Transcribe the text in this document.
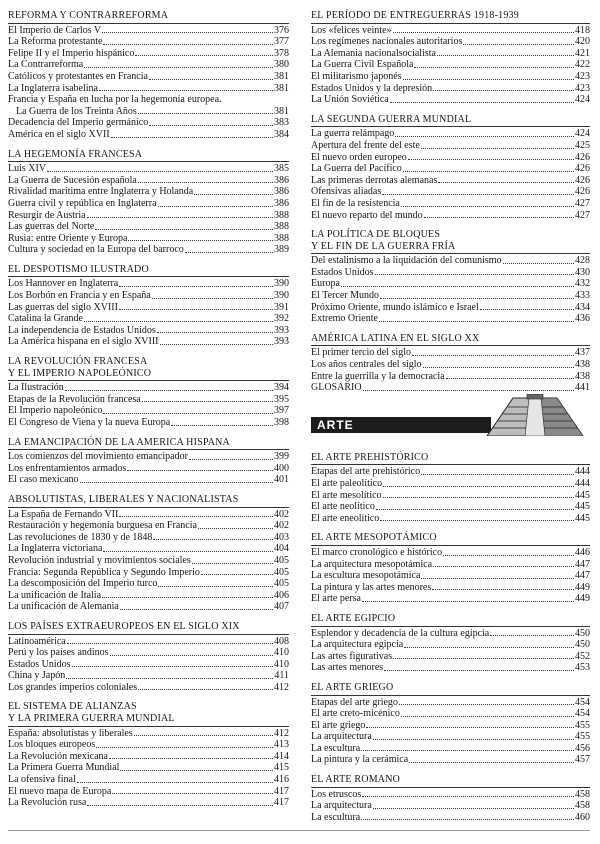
REFORMA Y CONTRARREFORMA
El Imperio de Carlos V	376
La Reforma protestante	377
Felipe II y el Imperio hispánico	378
La Contrarreforma	380
Católicos y protestantes en Francia	381
La Inglaterra isabelina	381
Francia y España en lucha por la hegemonía europea.
La Guerra de los Treinta Años	381
Decadencia del Imperio germánico	383
América en el siglo XVII	384
LA HEGEMONÍA FRANCESA
Luis XIV	385
La Guerra de Sucesión española	386
Rivalidad marítima entre Inglaterra y Holanda	386
Guerra civil y república en Inglaterra	386
Resurgir de Austria	388
Las guerras del Norte	388
Rusia: entre Oriente y Europa	388
Cultura y sociedad en la Europa del barroco	389
EL DESPOTISMO ILUSTRADO
Los Hannover en Inglaterra	390
Los Borbón en Francia y en España	390
Las guerras del siglo XVIII	391
Catalina la Grande	392
La independencia de Estados Unidos	393
La América hispana en el siglo XVIII	393
LA REVOLUCIÓN FRANCESA
Y EL IMPERIO NAPOLEÓNICO
La Ilustración	394
Etapas de la Revolución francesa	395
El Imperio napoleónico	397
El Congreso de Viena y la nueva Europa	398
LA EMANCIPACIÓN DE LA AMERICA HISPANA
Los comienzos del movimiento emancipador	399
Los enfrentamientos armados	400
El caso mexicano	401
ABSOLUTISTAS, LIBERALES Y NACIONALISTAS
La España de Fernando VII	402
Restauración y hegemonía burguesa en Francia	402
Las revoluciones de 1830 y de 1848	403
La Inglaterra victoriana	404
Revolución industrial y movimientos sociales	405
Francia: Segunda República y Segundo Imperio	405
La descomposición del Imperio turco	405
La unificación de Italia	406
La unificación de Alemania	407
LOS PAÍSES EXTRAEUROPEOS EN EL SIGLO XIX
Latinoamérica	408
Perú y los países andinos	410
Estados Unidos	410
China y Japón	411
Los grandes imperios coloniales	412
EL SISTEMA DE ALIANZAS
Y LA PRIMERA GUERRA MUNDIAL
España: absolutistas y liberales	412
Los bloques europeos	413
La Revolución mexicana	414
La Primera Guerra Mundial	415
La ofensiva final	416
El nuevo mapa de Europa	417
La Revolución rusa	417
EL PERÍODO DE ENTREGUERRAS 1918-1939
Los «felices veinte»	418
Los regímenes nacionales autoritarios	420
La Alemania nacionalsocialista	421
La Guerra Civil Española	422
El militarismo japonés	423
Estados Unidos y la depresión	423
La Unión Soviética	424
LA SEGUNDA GUERRA MUNDIAL
La guerra relámpago	424
Apertura del frente del este	425
El nuevo orden europeo	426
La Guerra del Pacífico	426
Las primeras derrotas alemanas	426
Ofensivas aliadas	426
El fin de la resistencia	427
El nuevo reparto del mundo	427
LA POLÍTICA DE BLOQUES
Y EL FIN DE LA GUERRA FRÍA
Del estalinismo a la liquidación del comunismo	428
Estados Unidos	430
Europa	432
El Tercer Mundo	433
Próximo Oriente, mundo islámico e Israel	434
Extremo Oriente	436
AMÉRICA LATINA EN EL SIGLO XX
El primer tercio del siglo	437
Los años centrales del siglo	438
Entre la guerrilla y la democracia	438
GLOSARIO	441
ARTE
EL ARTE PREHISTÓRICO
Etapas del arte prehistórico	444
El arte paleolítico	444
El arte mesolítico	445
El arte neolítico	445
El arte eneolítico	445
EL ARTE MESOPOTÁMICO
El marco cronológico e histórico	446
La arquitectura mesopotámica	447
La escultura mesopotámica	447
La pintura y las artes menores	449
El arte persa	449
EL ARTE EGIPCIO
Esplendor y decadencia de la cultura egipcia	450
La arquitectura egipcia	450
Las artes figurativas	452
Las artes menores	453
EL ARTE GRIEGO
Etapas del arte griego	454
El arte creto-micénico	454
El arte griego	455
La arquitectura	455
La escultura	456
La pintura y la cerámica	457
EL ARTE ROMANO
Los etruscos	458
La arquitectura	458
La escultura	460
